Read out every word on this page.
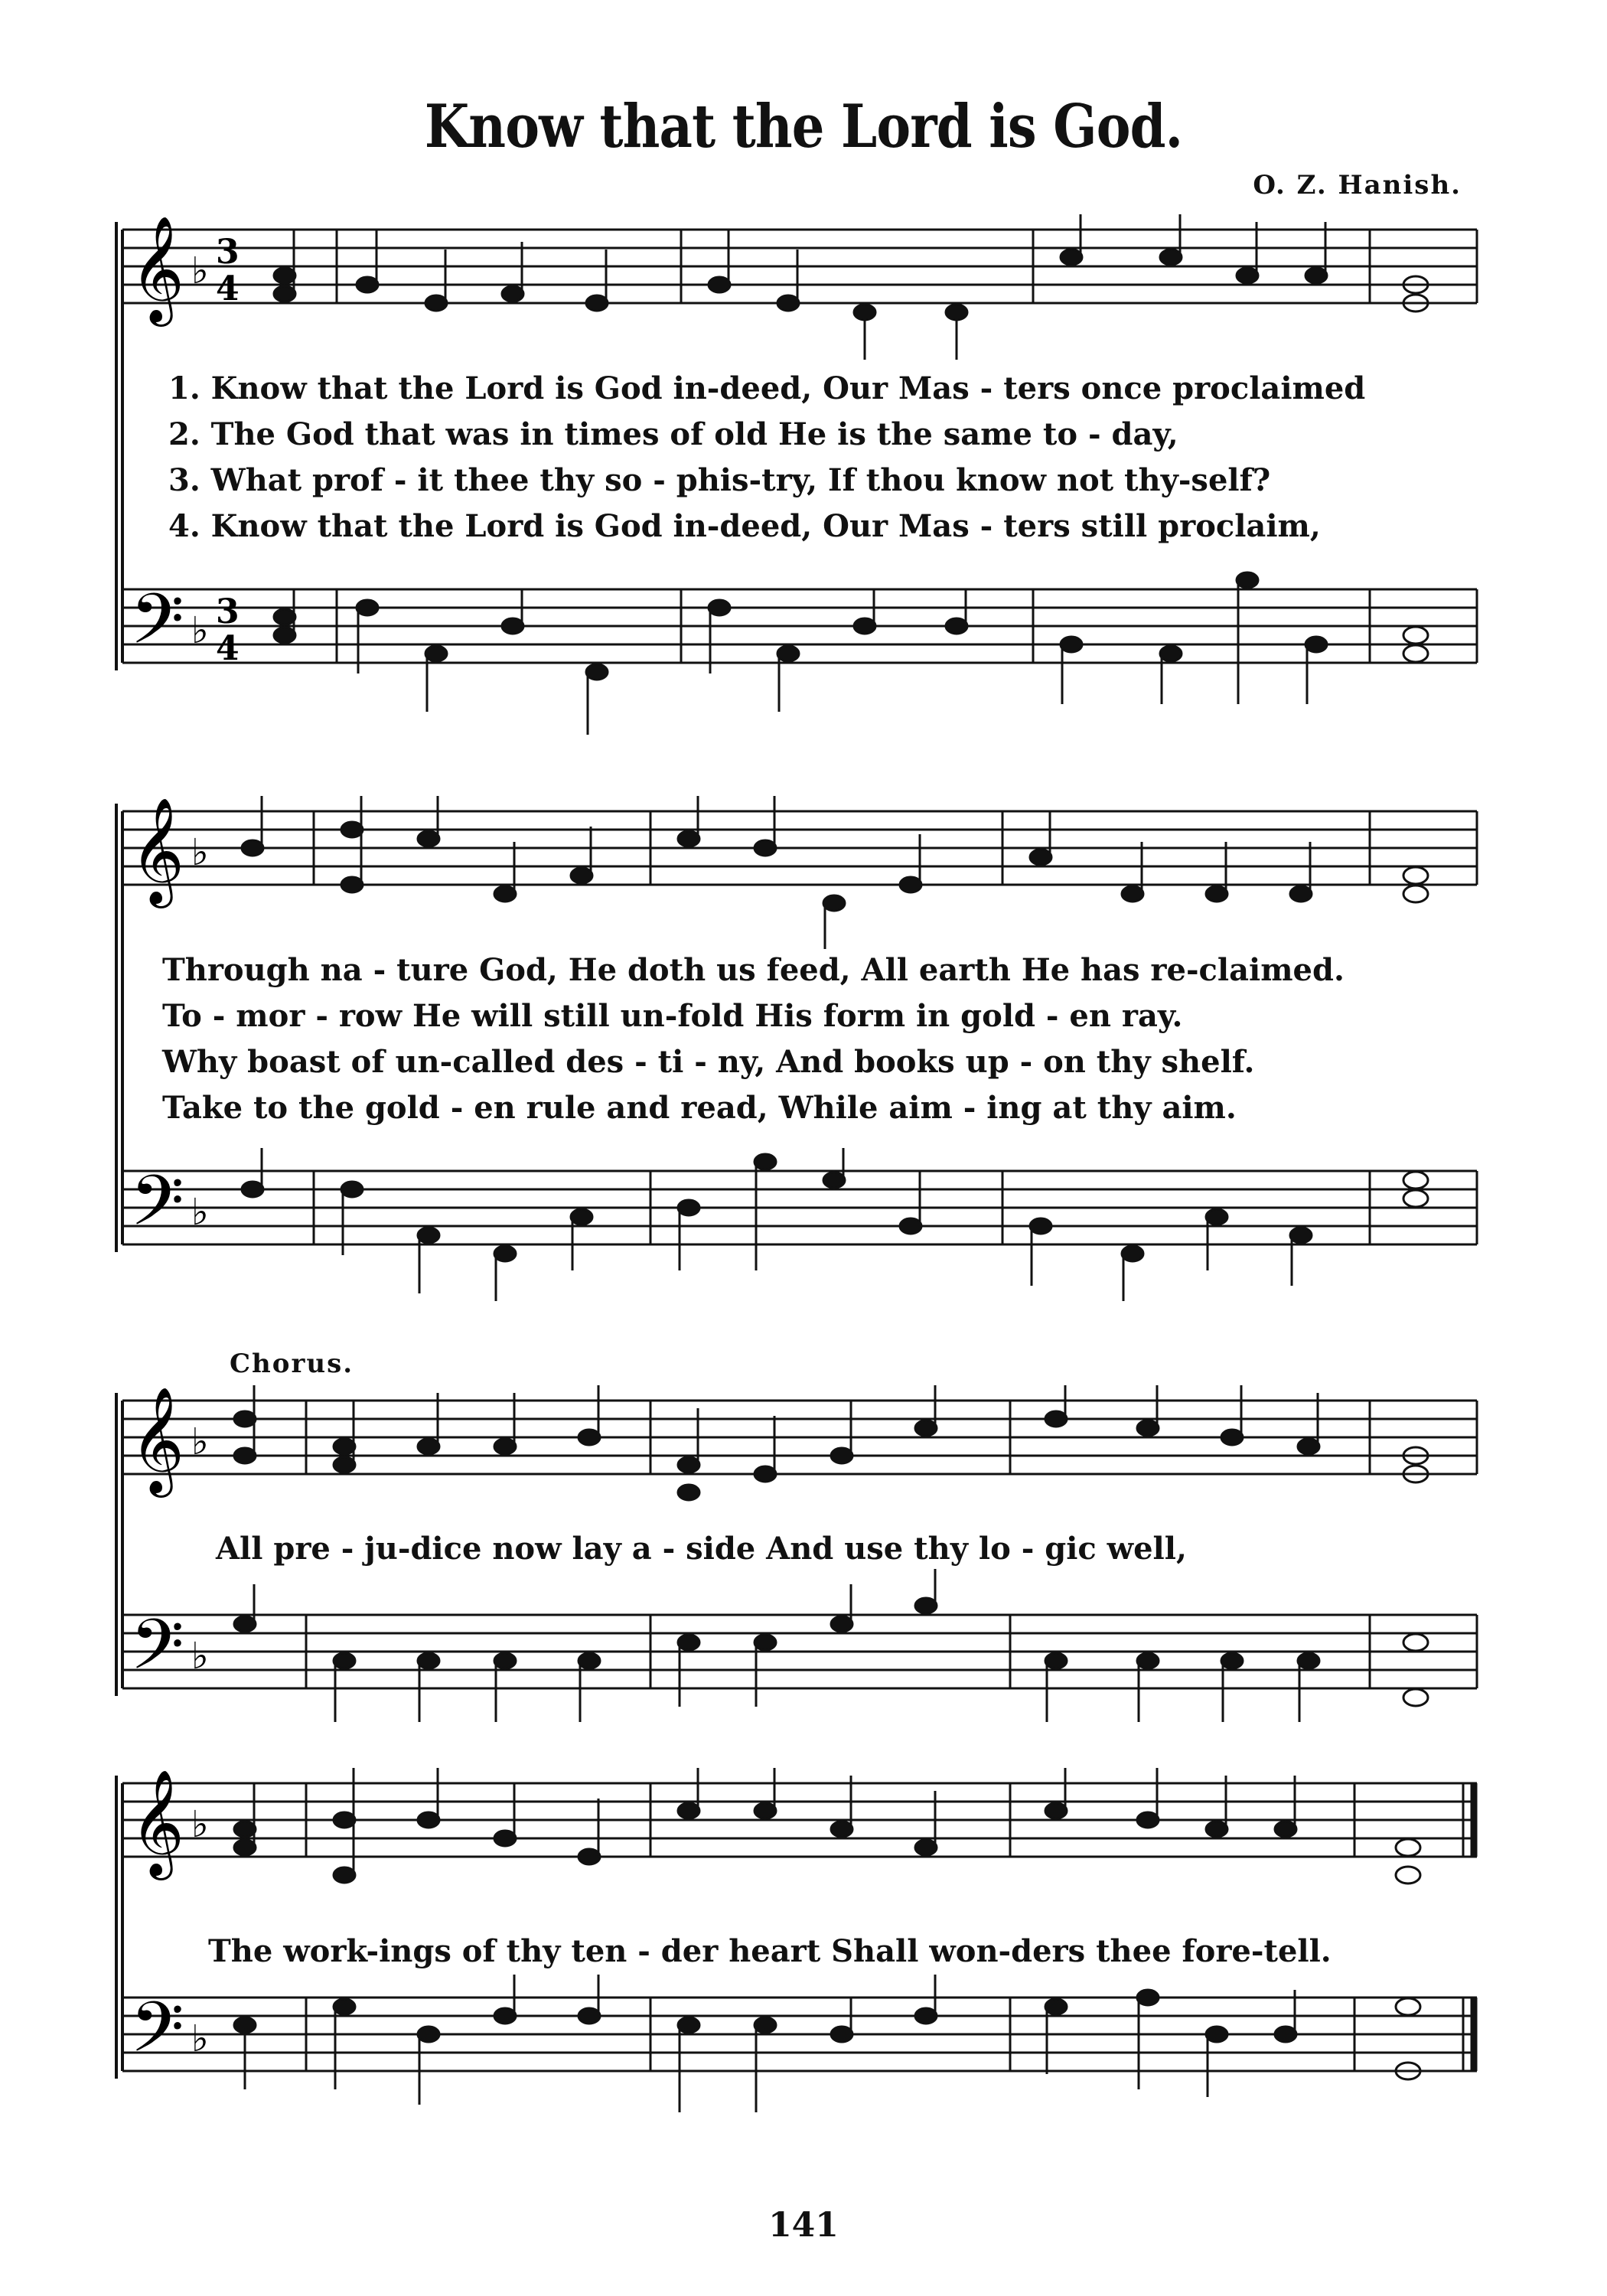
Know that the Lord is God.
O. Z. Hanish.
𝄞
𝄢
♭
♭
3
4
3
4
1. Know that the Lord is God in-deed, Our Mas - ters once proclaimed
2. The God that was in times of old He is the same to - day,
3. What prof - it thee thy so - phis-try, If thou know not thy-self?
4. Know that the Lord is God in-deed, Our Mas - ters still proclaim,
𝄞
𝄢
♭
♭
Through na - ture God, He doth us feed, All earth He has re-claimed.
To - mor - row He will still un-fold His form in gold - en ray.
Why boast of un-called des - ti - ny, And books up - on thy shelf.
Take to the gold - en rule and read, While aim - ing at thy aim.
Chorus.
𝄞
𝄢
♭
♭
All pre - ju-dice now lay a - side And use thy lo - gic well,
𝄞
𝄢
♭
♭
The work-ings of thy ten - der heart Shall won-ders thee fore-tell.
141
